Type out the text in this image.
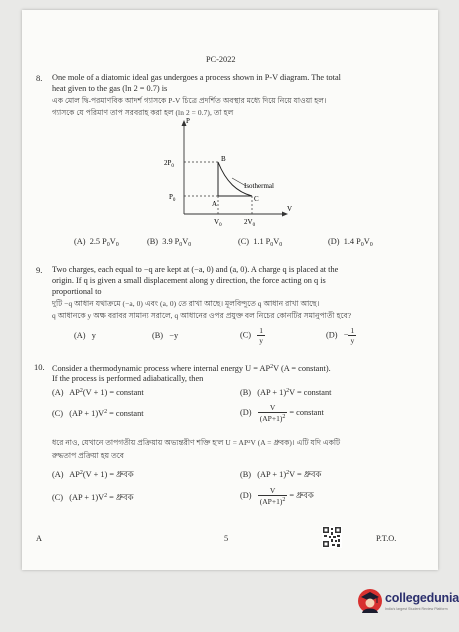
PC-2022
8. One mole of a diatomic ideal gas undergoes a process shown in P-V diagram. The total
heat given to the gas (ln 2 = 0.7) is
এক মোল দ্বি-পরমাণবিক আদর্শ গ্যাসকে P-V চিত্রে প্রদর্শিত অবস্থার মধ্যে দিয়ে নিয়ে যাওয়া হল।
গ্যাসকে যে পরিমাণ তাপ সরবরাহ করা হল (ln 2 = 0.7), তা হল
P
V
$2P_0$
$P_0$
$V_0$	$2V_0$
A
B
C
Isothermal
(A) 2.5 $P_0V_0$	(B) 3.9 $P_0V_0$	(C) 1.1 $P_0V_0$	(D) 1.4 $P_0V_0$
9. Two charges, each equal to −q are kept at (−a, 0) and (a, 0). A charge q is placed at the
origin. If q is given a small displacement along y direction, the force acting on q is
proportional to
দুটি −q আধান যথাক্রমে (−a, 0) এবং (a, 0) তে রাখা আছে। মূলবিন্দুতে q আধান রাখা আছে।
q আধানকে y অক্ষ বরাবর সামান্য সরালে, q আধানের ওপর প্রযুক্ত বল নিচের কোনটির সমানুপাতী হবে?
(A) y	(B) −y	$(C) \frac{1}{y}$	$(D) - \frac{1}{y}$
10. Consider a thermodynamic process where internal energy $U = AP^2V$ (A = constant).
If the process is performed adiabatically, then
(A) $AP^2(V + 1)$ = constant	(B) (AP + 1)$^2$V = constant
(C) $(AP + 1)V^2$ = constant	$(D) \frac{V}{(AP+1)^2}$ = constant
ধরে নাও, যেখানে তাপগতীয় প্রক্রিয়ায় অভ্যন্তরীণ শক্তি হ'ল U = AP²V (A = ধ্রুবক)। এটি যদি একটি
রুদ্ধতাপ প্রক্রিয়া হয় তবে
(A) $AP^2(V + 1)$ = ধ্রুবক	(B) (AP + 1)$^2$V = ধ্রুবক
(C) $(AP + 1)V^2$ = ধ্রুবক	$(D) \frac{V}{(AP+1)^2}$ = ধ্রুবক
A	5	P.T.O.
collegedunia
India's largest Student Review Platform
